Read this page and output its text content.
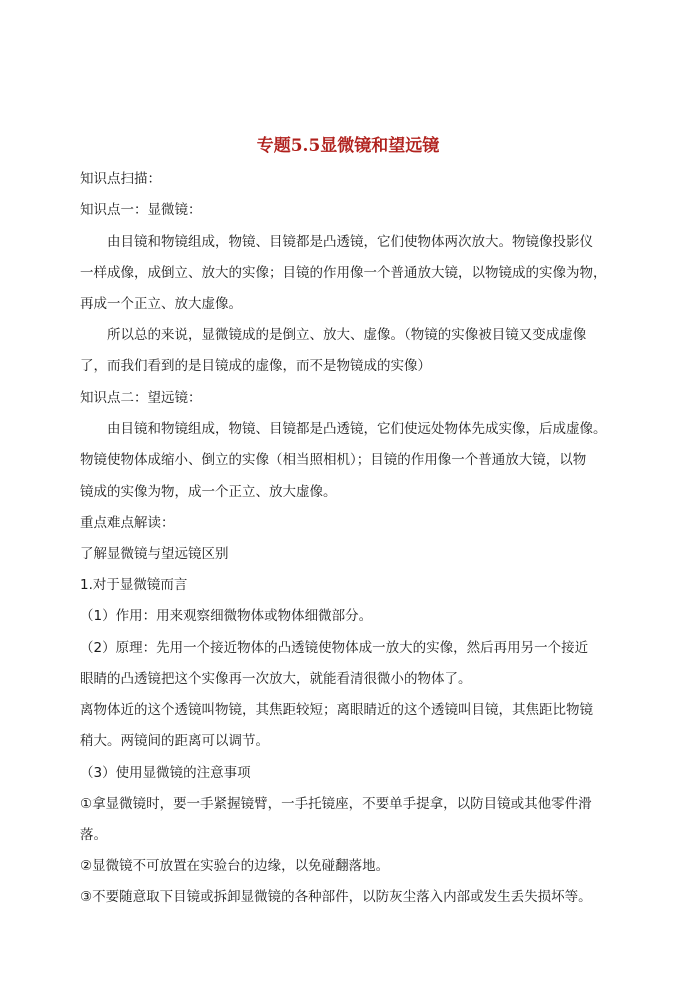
专题5.5显微镜和望远镜

知识点扫描：

知识点一：显微镜：

由目镜和物镜组成，物镜、目镜都是凸透镜，它们使物体两次放大。物镜像投影仪

一样成像，成倒立、放大的实像；目镜的作用像一个普通放大镜，以物镜成的实像为物，

再成一个正立、放大虚像。

所以总的来说，显微镜成的是倒立、放大、虚像。（物镜的实像被目镜又变成虚像

了，而我们看到的是目镜成的虚像，而不是物镜成的实像）

知识点二：望远镜：

由目镜和物镜组成，物镜、目镜都是凸透镜，它们使远处物体先成实像，后成虚像。

物镜使物体成缩小、倒立的实像（相当照相机）；目镜的作用像一个普通放大镜，以物

镜成的实像为物，成一个正立、放大虚像。

重点难点解读：

了解显微镜与望远镜区别

1.对于显微镜而言

（1）作用：用来观察细微物体或物体细微部分。

（2）原理：先用一个接近物体的凸透镜使物体成一放大的实像，然后再用另一个接近

眼睛的凸透镜把这个实像再一次放大，就能看清很微小的物体了。

离物体近的这个透镜叫物镜，其焦距较短；离眼睛近的这个透镜叫目镜，其焦距比物镜

稍大。两镜间的距离可以调节。

（3）使用显微镜的注意事项

①拿显微镜时，要一手紧握镜臂，一手托镜座，不要单手提拿，以防目镜或其他零件滑

落。

②显微镜不可放置在实验台的边缘，以免碰翻落地。

③不要随意取下目镜或拆卸显微镜的各种部件，以防灰尘落入内部或发生丢失损坏等。
